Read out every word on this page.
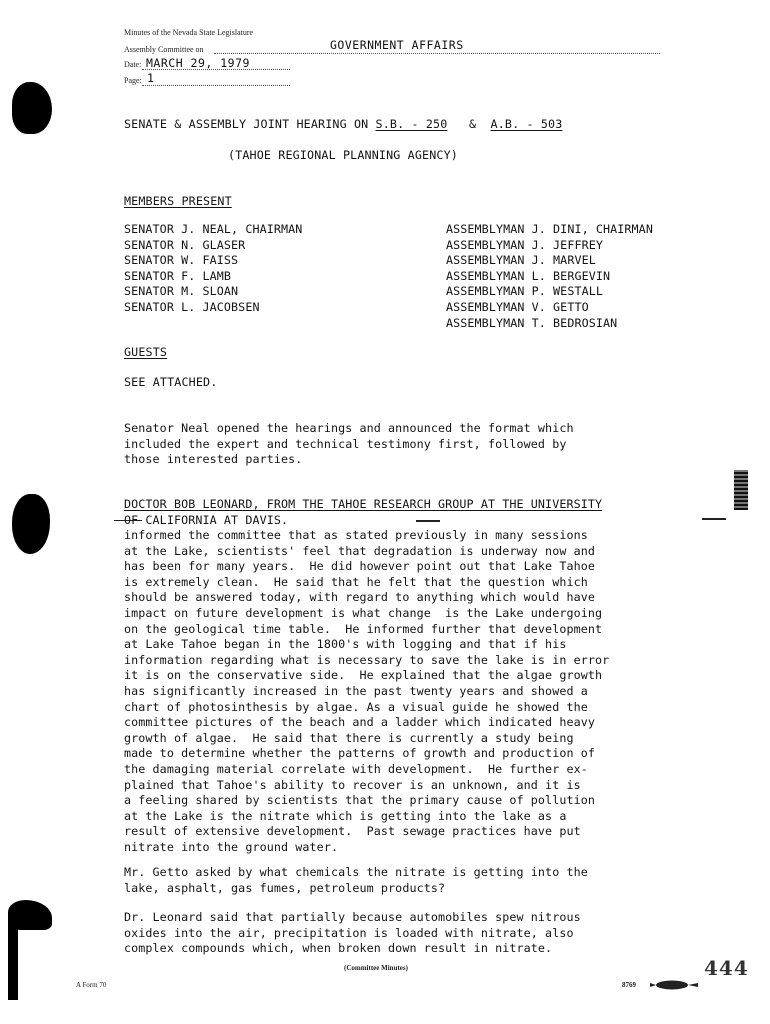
Minutes of the Nevada State Legislature
Assembly Committee on	GOVERNMENT AFFAIRS
Date: MARCH 29, 1979
Page: 1
SENATE & ASSEMBLY JOINT HEARING ON S.B. - 250 & A.B. - 503
(TAHOE REGIONAL PLANNING AGENCY)
MEMBERS PRESENT
SENATOR J. NEAL, CHAIRMAN
SENATOR N. GLASER
SENATOR W. FAISS
SENATOR F. LAMB
SENATOR M. SLOAN
SENATOR L. JACOBSEN
ASSEMBLYMAN J. DINI, CHAIRMAN
ASSEMBLYMAN J. JEFFREY
ASSEMBLYMAN J. MARVEL
ASSEMBLYMAN L. BERGEVIN
ASSEMBLYMAN P. WESTALL
ASSEMBLYMAN V. GETTO
ASSEMBLYMAN T. BEDROSIAN
GUESTS
SEE ATTACHED.
Senator Neal opened the hearings and announced the format which
included the expert and technical testimony first, followed by
those interested parties.
DOCTOR BOB LEONARD, FROM THE TAHOE RESEARCH GROUP AT THE UNIVERSITY
OF CALIFORNIA AT DAVIS.
informed the committee that as stated previously in many sessions
at the Lake, scientists' feel that degradation is underway now and
has been for many years.  He did however point out that Lake Tahoe
is extremely clean.  He said that he felt that the question which
should be answered today, with regard to anything which would have
impact on future development is what change  is the Lake undergoing
on the geological time table.  He informed further that development
at Lake Tahoe began in the 1800's with logging and that if his
information regarding what is necessary to save the lake is in error
it is on the conservative side.  He explained that the algae growth
has significantly increased in the past twenty years and showed a
chart of photosinthesis by algae. As a visual guide he showed the
committee pictures of the beach and a ladder which indicated heavy
growth of algae.  He said that there is currently a study being
made to determine whether the patterns of growth and production of
the damaging material correlate with development.  He further ex-
plained that Tahoe's ability to recover is an unknown, and it is
a feeling shared by scientists that the primary cause of pollution
at the Lake is the nitrate which is getting into the lake as a
result of extensive development.  Past sewage practices have put
nitrate into the ground water.
Mr. Getto asked by what chemicals the nitrate is getting into the
lake, asphalt, gas fumes, petroleum products?
Dr. Leonard said that partially because automobiles spew nitrous
oxides into the air, precipitation is loaded with nitrate, also
complex compounds which, when broken down result in nitrate.
A Form 70
(Committee Minutes)	444
8769
